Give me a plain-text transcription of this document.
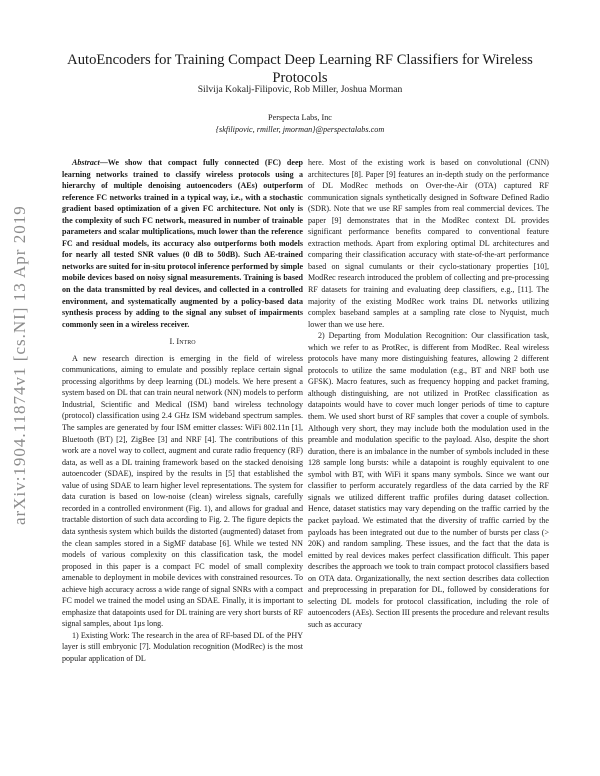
arXiv:1904.11874v1 [cs.NI] 13 Apr 2019
AutoEncoders for Training Compact Deep Learning RF Classifiers for Wireless Protocols
Silvija Kokalj-Filipovic, Rob Miller, Joshua Morman
Perspecta Labs, Inc
{skfilipovic, rmiller, jmorman}@perspectalabs.com

Abstract—We show that compact fully connected (FC) deep learning networks trained to classify wireless protocols using a hierarchy of multiple denoising autoencoders (AEs) outperform reference FC networks trained in a typical way, i.e., with a stochastic gradient based optimization of a given FC architecture. Not only is the complexity of such FC network, measured in number of trainable parameters and scalar multiplications, much lower than the reference FC and residual models, its accuracy also outperforms both models for nearly all tested SNR values (0 dB to 50dB). Such AE-trained networks are suited for in-situ protocol inference performed by simple mobile devices based on noisy signal measurements. Training is based on the data transmitted by real devices, and collected in a controlled environment, and systematically augmented by a policy-based data synthesis process by adding to the signal any subset of impairments commonly seen in a wireless receiver.

I. Intro

A new research direction is emerging in the field of wireless communications, aiming to emulate and possibly replace certain signal processing algorithms by deep learning (DL) models. We here present a system based on DL that can train neural network (NN) models to perform Industrial, Scientific and Medical (ISM) band wireless technology (protocol) classification using 2.4 GHz ISM wideband spectrum samples. The samples are generated by four ISM emitter classes: WiFi 802.11n [1], Bluetooth (BT) [2], ZigBee [3] and NRF [4]. The contributions of this work are a novel way to collect, augment and curate radio frequency (RF) data, as well as a DL training framework based on the stacked denoising autoencoder (SDAE), inspired by the results in [5] that established the value of using SDAE to learn higher level representations. The system for data curation is based on low-noise (clean) wireless signals, carefully recorded in a controlled environment (Fig. 1), and allows for gradual and tractable distortion of such data according to Fig. 2. The figure depicts the data synthesis system which builds the distorted (augmented) dataset from the clean samples stored in a SigMF database [6]. While we tested NN models of various complexity on this classification task, the model proposed in this paper is a compact FC model of small complexity amenable to deployment in mobile devices with constrained resources. To achieve high accuracy across a wide range of signal SNRs with a compact FC model we trained the model using an SDAE. Finally, it is important to emphasize that datapoints used for DL training are very short bursts of RF signal samples, about 1µs long.

1) Existing Work: The research in the area of RF-based DL of the PHY layer is still embryonic [7]. Modulation recognition (ModRec) is the most popular application of DL

here. Most of the existing work is based on convolutional (CNN) architectures [8]. Paper [9] features an in-depth study on the performance of DL ModRec methods on Over-the-Air (OTA) captured RF communication signals synthetically designed in Software Defined Radio (SDR). Note that we use RF samples from real commercial devices. The paper [9] demonstrates that in the ModRec context DL provides significant performance benefits compared to conventional feature extraction methods. Apart from exploring optimal DL architectures and comparing their classification accuracy with state-of-the-art performance based on signal cumulants or their cyclo-stationary properties [10], ModRec research introduced the problem of collecting and pre-processing RF datasets for training and evaluating deep classifiers, e.g., [11]. The majority of the existing ModRec work trains DL networks utilizing complex baseband samples at a sampling rate close to Nyquist, much lower than we use here.

2) Departing from Modulation Recognition: Our classification task, which we refer to as ProtRec, is different from ModRec. Real wireless protocols have many more distinguishing features, allowing 2 different protocols to utilize the same modulation (e.g., BT and NRF both use GFSK). Macro features, such as frequency hopping and packet framing, although distinguishing, are not utilized in ProtRec classification as datapoints would have to cover much longer periods of time to capture them. We used short burst of RF samples that cover a couple of symbols. Although very short, they may include both the modulation used in the preamble and modulation specific to the payload. Also, despite the short duration, there is an imbalance in the number of symbols included in these 128 sample long bursts: while a datapoint is roughly equivalent to one symbol with BT, with WiFi it spans many symbols. Since we want our classifier to perform accurately regardless of the data carried by the RF signals we utilized different traffic profiles during dataset collection. Hence, dataset statistics may vary depending on the traffic carried by the packet payload. We estimated that the diversity of traffic carried by the payloads has been integrated out due to the number of bursts per class (> 20K) and random sampling. These issues, and the fact that the data is emitted by real devices makes perfect classification difficult. This paper describes the approach we took to train compact protocol classifiers based on OTA data. Organizationally, the next section describes data collection and preprocessing in preparation for DL, followed by considerations for selecting DL models for protocol classification, including the role of autoencoders (AEs). Section III presents the procedure and relevant results such as accuracy
